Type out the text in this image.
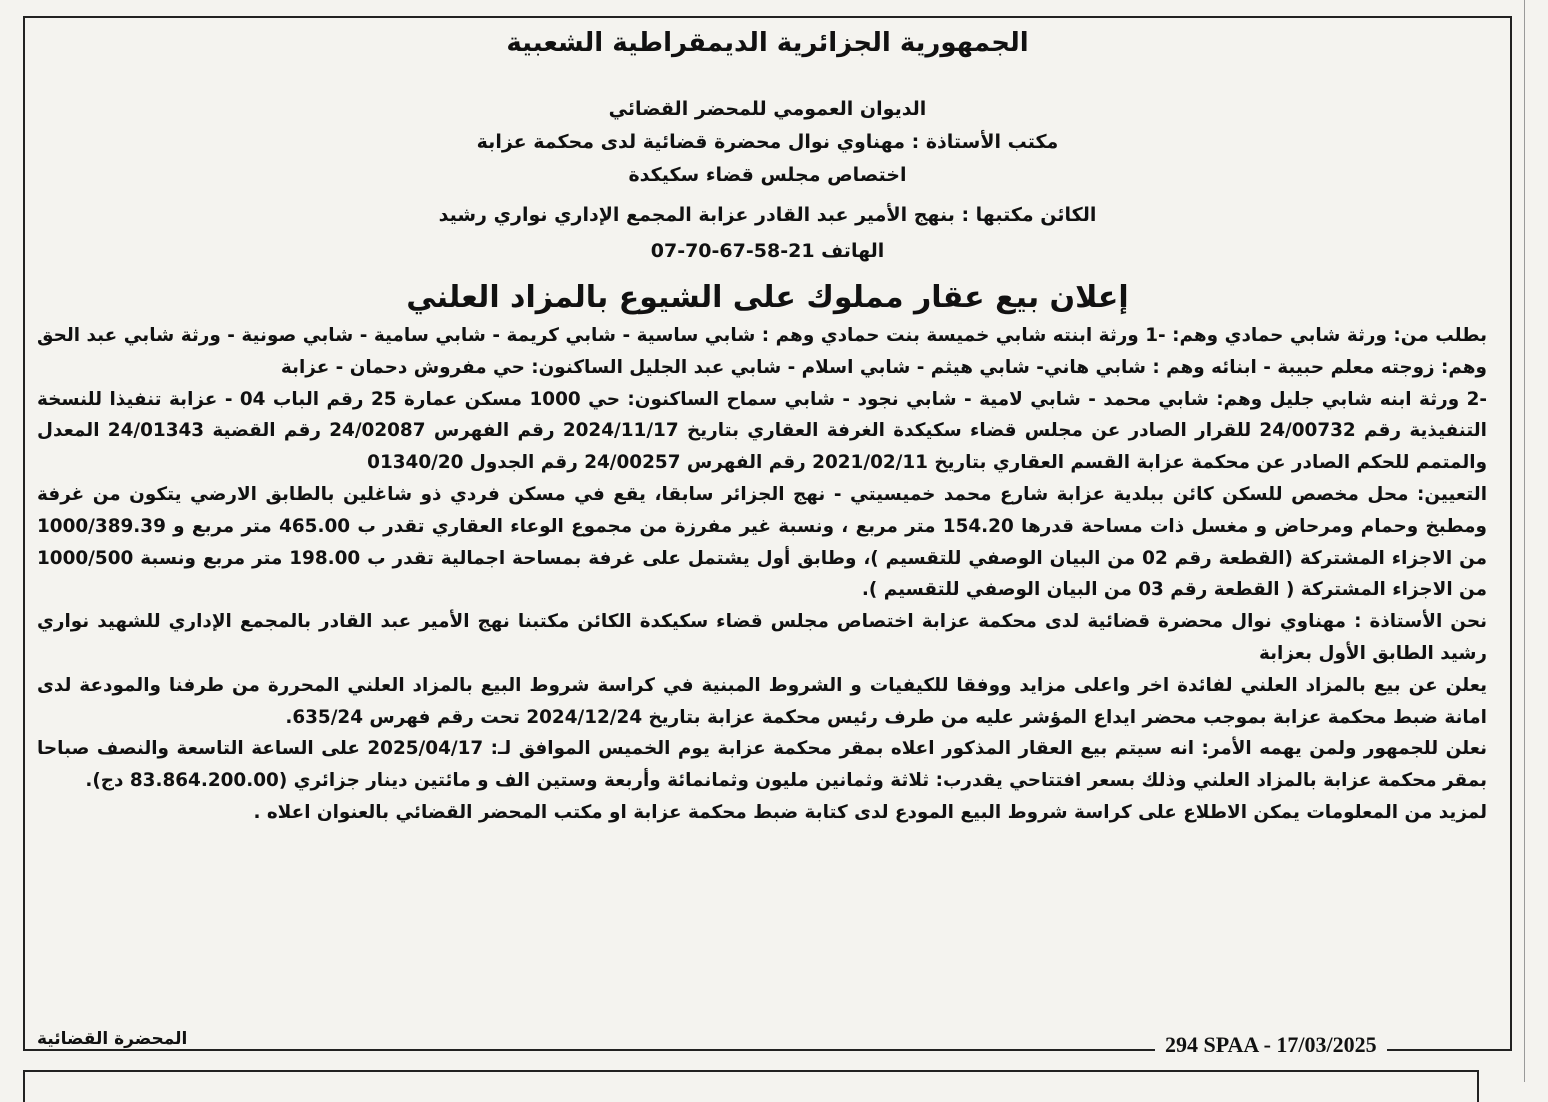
الجمهورية الجزائرية الديمقراطية الشعبية
الديوان العمومي للمحضر القضائي
مكتب الأستاذة : مهناوي نوال محضرة قضائية لدى محكمة عزابة
اختصاص مجلس قضاء سكيكدة
الكائن مكتبها : بنهج الأمير عبد القادر عزابة المجمع الإداري نواري رشيد
الهاتف 21-58-67-70-07
إعلان بيع عقار مملوك على الشيوع بالمزاد العلني

بطلب من: ورثة شابي حمادي وهم: -1 ورثة ابنته شابي خميسة بنت حمادي وهم : شابي ساسية - شابي كريمة - شابي سامية - شابي صونية - ورثة شابي عبد الحق وهم: زوجته معلم حبيبة - ابنائه وهم : شابي هاني- شابي هيثم - شابي اسلام - شابي عبد الجليل الساكنون: حي مفروش دحمان - عزابة

-2 ورثة ابنه شابي جليل وهم: شابي محمد - شابي لامية - شابي نجود - شابي سماح الساكنون: حي 1000 مسكن عمارة 25 رقم الباب 04 - عزابة تنفيذا للنسخة التنفيذية رقم 24/00732 للقرار الصادر عن مجلس قضاء سكيكدة الغرفة العقاري بتاريخ 2024/11/17 رقم الفهرس 24/02087 رقم القضية 24/01343 المعدل والمتمم للحكم الصادر عن محكمة عزابة القسم العقاري بتاريخ 2021/02/11 رقم الفهرس 24/00257 رقم الجدول 01340/20

التعيين: محل مخصص للسكن كائن ببلدية عزابة شارع محمد خميسيتي - نهج الجزائر سابقا، يقع في مسكن فردي ذو شاغلين بالطابق الارضي يتكون من غرفة ومطبخ وحمام ومرحاض و مغسل ذات مساحة قدرها 154.20 متر مربع ، ونسبة غير مفرزة من مجموع الوعاء العقاري تقدر ب 465.00 متر مربع و 1000/389.39 من الاجزاء المشتركة (القطعة رقم 02 من البيان الوصفي للتقسيم )، وطابق أول يشتمل على غرفة بمساحة اجمالية تقدر ب 198.00 متر مربع ونسبة 1000/500 من الاجزاء المشتركة ( القطعة رقم 03 من البيان الوصفي للتقسيم ).

نحن الأستاذة : مهناوي نوال محضرة قضائية لدى محكمة عزابة اختصاص مجلس قضاء سكيكدة الكائن مكتبنا نهج الأمير عبد القادر بالمجمع الإداري للشهيد نواري رشيد الطابق الأول بعزابة

يعلن عن بيع بالمزاد العلني لفائدة اخر واعلى مزايد ووفقا للكيفيات و الشروط المبنية في كراسة شروط البيع بالمزاد العلني المحررة من طرفنا والمودعة لدى امانة ضبط محكمة عزابة بموجب محضر ايداع المؤشر عليه من طرف رئيس محكمة عزابة بتاريخ 2024/12/24 تحت رقم فهرس 635/24.

نعلن للجمهور ولمن يهمه الأمر: انه سيتم بيع العقار المذكور اعلاه بمقر محكمة عزابة يوم الخميس الموافق لـ: 2025/04/17 على الساعة التاسعة والنصف صباحا بمقر محكمة عزابة بالمزاد العلني وذلك بسعر افتتاحي يقدرب: ثلاثة وثمانين مليون وثمانمائة وأربعة وستين الف و مائتين دينار جزائري (83.864.200.00 دج).

لمزيد من المعلومات يمكن الاطلاع على كراسة شروط البيع المودع لدى كتابة ضبط محكمة عزابة او مكتب المحضر القضائي بالعنوان اعلاه .

المحضرة القضائية	294 SPAA - 17/03/2025
